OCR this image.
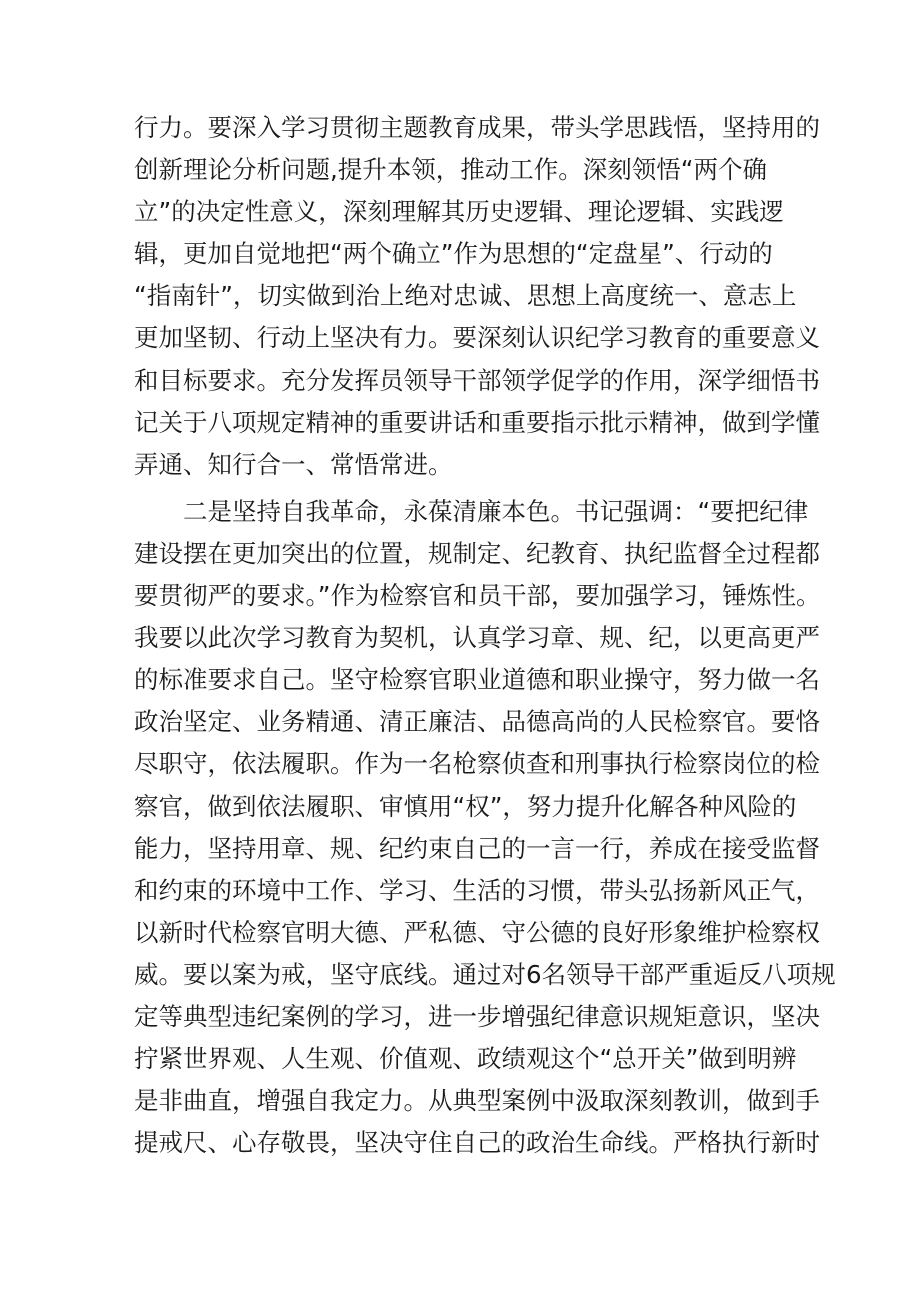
行力。要深入学习贯彻主题教育成果，带头学思践悟，坚持用的
创新理论分析问题,提升本领，推动工作。深刻领悟“两个确
立”的决定性意义，深刻理解其历史逻辑、理论逻辑、实践逻
辑，更加自觉地把“两个确立”作为思想的“定盘星”、行动的
“指南针”，切实做到治上绝对忠诚、思想上高度统一、意志上
更加坚韧、行动上坚决有力。要深刻认识纪学习教育的重要意义
和目标要求。充分发挥员领导干部领学促学的作用，深学细悟书
记关于八项规定精神的重要讲话和重要指示批示精神，做到学懂
弄通、知行合一、常悟常进。
二是坚持自我革命，永葆清廉本色。书记强调：“要把纪律
建设摆在更加突出的位置，规制定、纪教育、执纪监督全过程都
要贯彻严的要求。”作为检察官和员干部，要加强学习，锤炼性。
我要以此次学习教育为契机，认真学习章、规、纪，以更高更严
的标准要求自己。坚守检察官职业道德和职业操守，努力做一名
政治坚定、业务精通、清正廉洁、品德高尚的人民检察官。要恪
尽职守，依法履职。作为一名枪察侦查和刑事执行检察岗位的检
察官，做到依法履职、审慎用“权”，努力提升化解各种风险的
能力，坚持用章、规、纪约束自己的一言一行，养成在接受监督
和约束的环境中工作、学习、生活的习惯，带头弘扬新风正气，
以新时代检察官明大德、严私德、守公德的良好形象维护检察权
威。要以案为戒，坚守底线。通过对6名领导干部严重逅反八项规
定等典型违纪案例的学习，进一步增强纪律意识规矩意识，坚决
拧紧世界观、人生观、价值观、政绩观这个“总开关”做到明辨
是非曲直，增强自我定力。从典型案例中汲取深刻教训，做到手
提戒尺、心存敬畏，坚决守住自己的政治生命线。严格执行新时
